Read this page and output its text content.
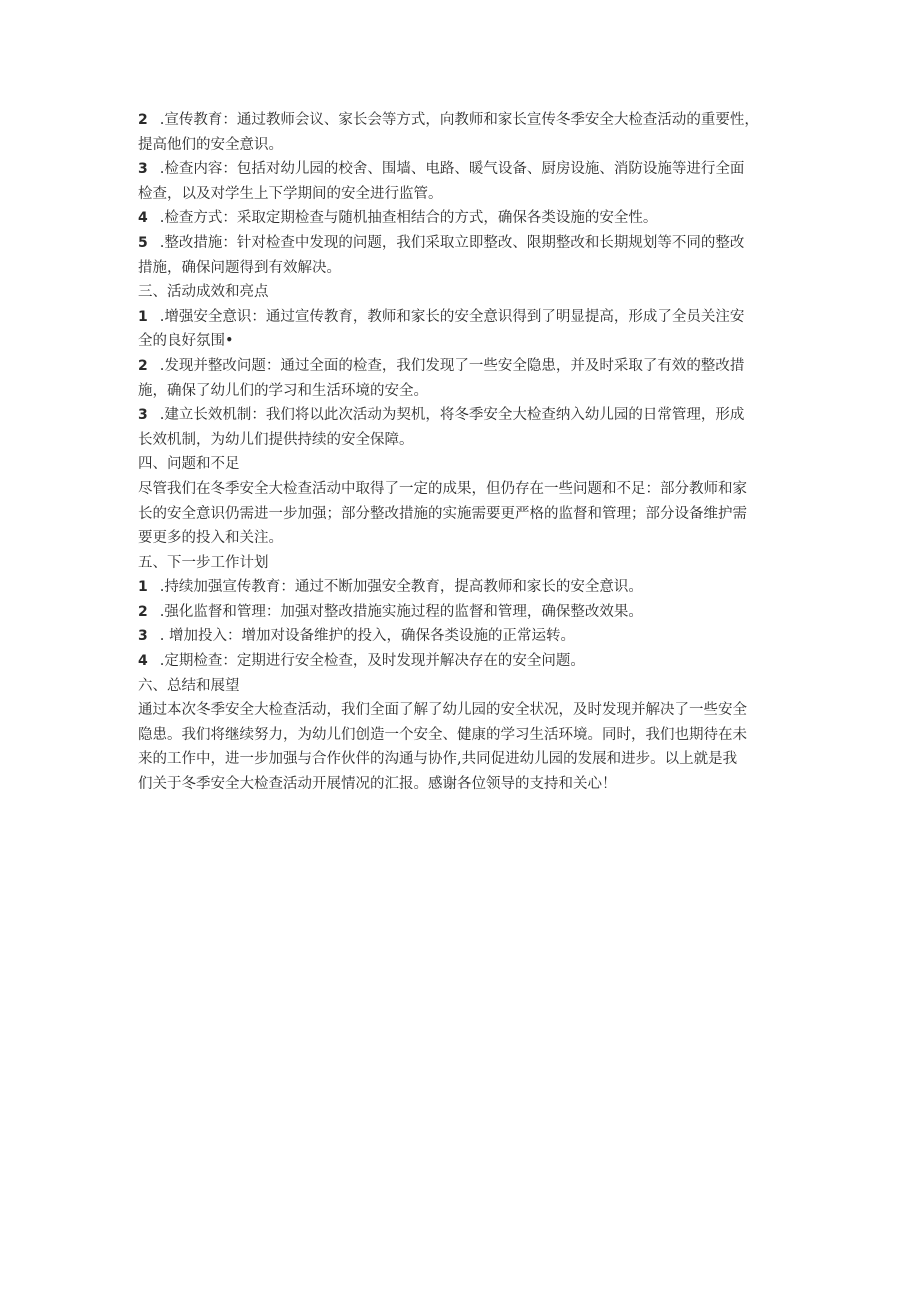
2 .宣传教育：通过教师会议、家长会等方式，向教师和家长宣传冬季安全大检查活动的重要性，
提高他们的安全意识。
3 .检查内容：包括对幼儿园的校舍、围墙、电路、暖气设备、厨房设施、消防设施等进行全面
检查，以及对学生上下学期间的安全进行监管。
4 .检查方式：采取定期检查与随机抽查相结合的方式，确保各类设施的安全性。
5 .整改措施：针对检查中发现的问题，我们采取立即整改、限期整改和长期规划等不同的整改
措施，确保问题得到有效解决。
三、活动成效和亮点
1 .增强安全意识：通过宣传教育，教师和家长的安全意识得到了明显提高，形成了全员关注安
全的良好氛围•
2 .发现并整改问题：通过全面的检查，我们发现了一些安全隐患，并及时采取了有效的整改措
施，确保了幼儿们的学习和生活环境的安全。
3 .建立长效机制：我们将以此次活动为契机，将冬季安全大检查纳入幼儿园的日常管理，形成
长效机制，为幼儿们提供持续的安全保障。
四、问题和不足
尽管我们在冬季安全大检查活动中取得了一定的成果，但仍存在一些问题和不足：部分教师和家
长的安全意识仍需进一步加强；部分整改措施的实施需要更严格的监督和管理；部分设备维护需
要更多的投入和关注。
五、下一步工作计划
1 .持续加强宣传教育：通过不断加强安全教育，提高教师和家长的安全意识。
2 .强化监督和管理：加强对整改措施实施过程的监督和管理，确保整改效果。
3 . 增加投入：增加对设备维护的投入，确保各类设施的正常运转。
4 .定期检查：定期进行安全检查，及时发现并解决存在的安全问题。
六、总结和展望
通过本次冬季安全大检查活动，我们全面了解了幼儿园的安全状况，及时发现并解决了一些安全
隐患。我们将继续努力，为幼儿们创造一个安全、健康的学习生活环境。同时，我们也期待在未
来的工作中，进一步加强与合作伙伴的沟通与协作,共同促进幼儿园的发展和进步。以上就是我
们关于冬季安全大检查活动开展情况的汇报。感谢各位领导的支持和关心！
